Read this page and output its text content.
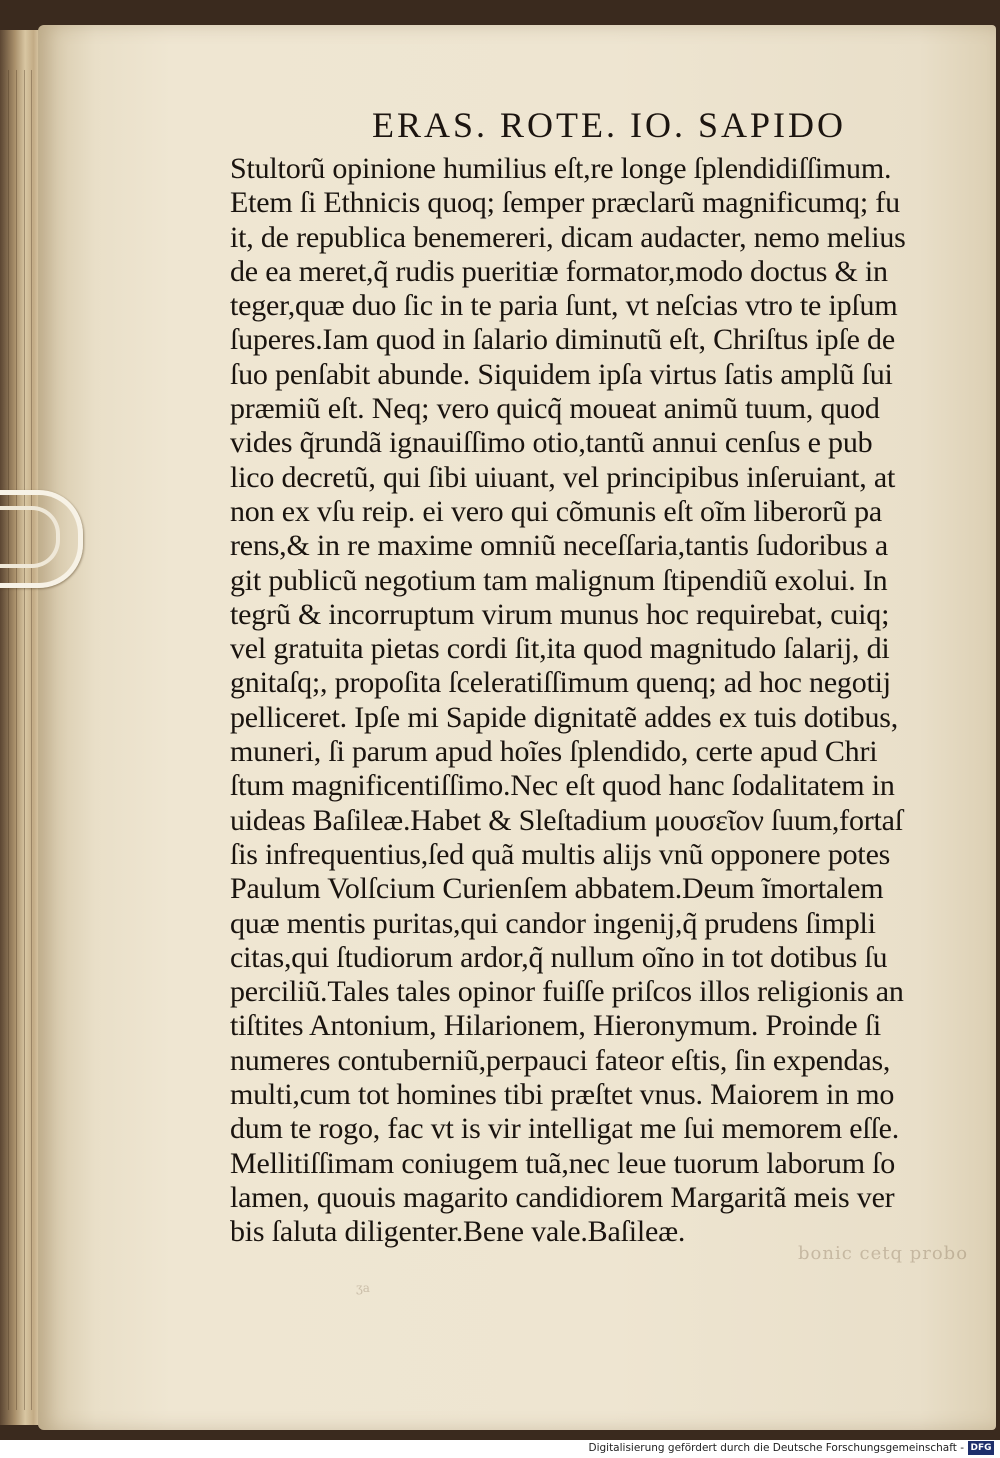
bonic cetq probo
ʒa
ERAS. ROTE. IO. SAPIDO
Stultorũ opinione humilius eſt,re longe ſplendidiſſimum.
Etem ſi Ethnicis quoq; ſemper præclarũ magnificumq; fu
it, de republica benemereri, dicam audacter, nemo melius
de ea meret,q̃ rudis pueritiæ formator,modo doctus & in
teger,quæ duo ſic in te paria ſunt, vt neſcias vtro te ipſum
ſuperes.Iam quod in ſalario diminutũ eſt, Chriſtus ipſe de
ſuo penſabit abunde. Siquidem ipſa virtus ſatis amplũ ſui
præmiũ eſt. Neq; vero quicq̃ moueat animũ tuum, quod
vides q̃rundã ignauiſſimo otio,tantũ annui cenſus e pub
lico decretũ, qui ſibi uiuant, vel principibus inſeruiant, at
non ex vſu reip. ei vero qui cõmunis eſt oĩm liberorũ pa
rens,& in re maxime omniũ neceſſaria,tantis ſudoribus a
git publicũ negotium tam malignum ſtipendiũ exolui. In
tegrũ & incorruptum virum munus hoc requirebat, cuiq;
vel gratuita pietas cordi ſit,ita quod magnitudo ſalarij, di
gnitaſq;, propoſita ſceleratiſſimum quenq; ad hoc negotij
pelliceret. Ipſe mi Sapide dignitatẽ addes ex tuis dotibus,
muneri, ſi parum apud hoĩes ſplendido, certe apud Chri
ſtum magnificentiſſimo.Nec eſt quod hanc ſodalitatem in
uideas Baſileæ.Habet & Sleſtadium μουσεῖον ſuum,fortaſ
ſis infrequentius,ſed quã multis alijs vnũ opponere potes
Paulum Volſcium Curienſem abbatem.Deum ĩmortalem
quæ mentis puritas,qui candor ingenij,q̃ prudens ſimpli
citas,qui ſtudiorum ardor,q̃ nullum oĩno in tot dotibus ſu
perciliũ.Tales tales opinor fuiſſe priſcos illos religionis an
tiſtites Antonium, Hilarionem, Hieronymum. Proinde ſi
numeres contuberniũ,perpauci fateor eſtis, ſin expendas,
multi,cum tot homines tibi præſtet vnus. Maiorem in mo
dum te rogo, fac vt is vir intelligat me ſui memorem eſſe.
Mellitiſſimam coniugem tuã,nec leue tuorum laborum ſo
lamen, quouis magarito candidiorem Margaritã meis ver
bis ſaluta diligenter.Bene vale.Baſileæ.
Digitalisierung gefördert durch die Deutsche Forschungsgemeinschaft - DFG
